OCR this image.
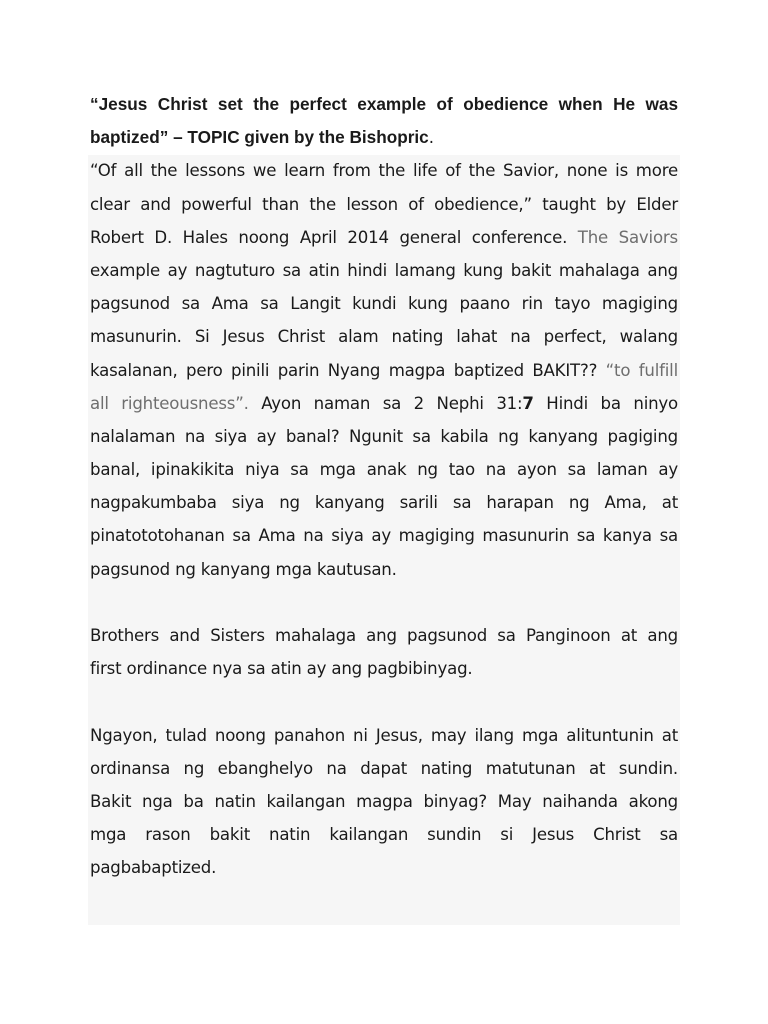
“Jesus Christ set the perfect example of obedience when He was
baptized” – TOPIC given by the Bishopric.
“Of all the lessons we learn from the life of the Savior, none is more
clear and powerful than the lesson of obedience,” taught by Elder
Robert D. Hales noong April 2014 general conference. The Saviors
example ay nagtuturo sa atin hindi lamang kung bakit mahalaga ang
pagsunod sa Ama sa Langit kundi kung paano rin tayo magiging
masunurin. Si Jesus Christ alam nating lahat na perfect, walang
kasalanan, pero pinili parin Nyang magpa baptized BAKIT?? “to fulfill
all righteousness”. Ayon naman sa 2 Nephi 31:7 Hindi ba ninyo
nalalaman na siya ay banal? Ngunit sa kabila ng kanyang pagiging
banal, ipinakikita niya sa mga anak ng tao na ayon sa laman ay
nagpakumbaba siya ng kanyang sarili sa harapan ng Ama, at
pinatototohanan sa Ama na siya ay magiging masunurin sa kanya sa
pagsunod ng kanyang mga kautusan.
Brothers and Sisters mahalaga ang pagsunod sa Panginoon at ang
first ordinance nya sa atin ay ang pagbibinyag.
Ngayon, tulad noong panahon ni Jesus, may ilang mga alituntunin at
ordinansa ng ebanghelyo na dapat nating matutunan at sundin.
Bakit nga ba natin kailangan magpa binyag? May naihanda akong
mga rason bakit natin kailangan sundin si Jesus Christ sa
pagbabaptized.
